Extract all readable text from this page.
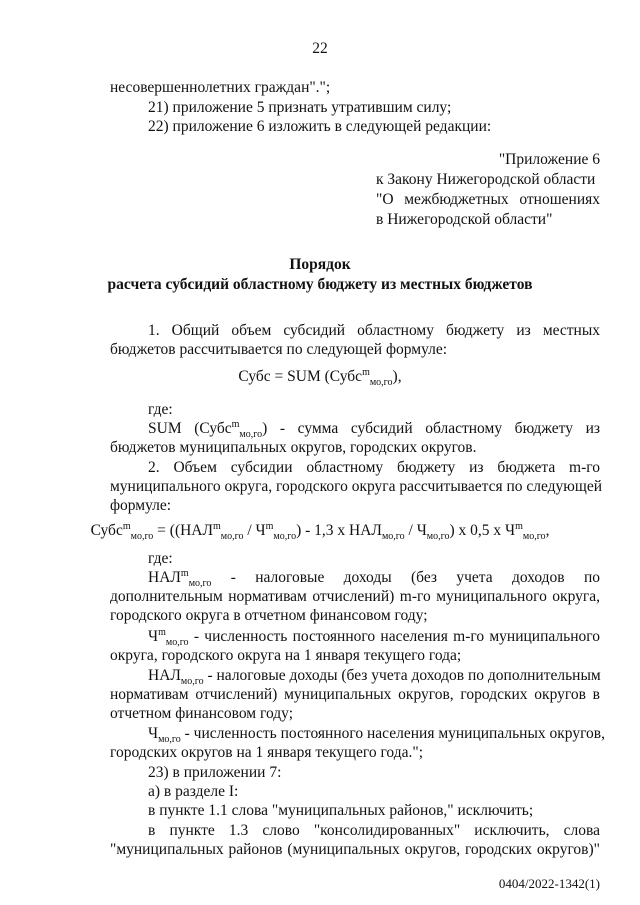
22
несовершеннолетних граждан".";
21) приложение 5 признать утратившим силу;
22) приложение 6 изложить в следующей редакции:
"Приложение 6
к Закону Нижегородской области
"О межбюджетных отношениях
в Нижегородской области"
Порядок
расчета субсидий областному бюджету из местных бюджетов
1. Общий объем субсидий областному бюджету из местных
бюджетов рассчитывается по следующей формуле:
Субс = SUM (Субс$^m_{мо,го}$),
где:
SUM (Субс$^m_{мо,го}$) - сумма субсидий областному бюджету из
бюджетов муниципальных округов, городских округов.
2. Объем субсидии областному бюджету из бюджета m-го
муниципального округа, городского округа рассчитывается по следующей
формуле:
Субс$^m_{мо,го}$ = ($(НАЛ^m_{мо,го} / Ч^m_{мо,го}) - 1,3$ х $НАЛ_{мо,го} / Ч_{мо,го}$) х 0,5 х $Ч^m_{мо,го}$,
где:
$НАЛ^m_{мо,го}$ - налоговые доходы (без учета доходов по
дополнительным нормативам отчислений) m-го муниципального округа,
городского округа в отчетном финансовом году;
$Ч^m_{мо,го}$ - численность постоянного населения m-го муниципального
округа, городского округа на 1 января текущего года;
$НАЛ_{мо,го}$ - налоговые доходы (без учета доходов по дополнительным
нормативам отчислений) муниципальных округов, городских округов в
отчетном финансовом году;
$Ч_{мо,го}$ - численность постоянного населения муниципальных округов,
городских округов на 1 января текущего года.";
23) в приложении 7:
а) в разделе I:
в пункте 1.1 слова "муниципальных районов," исключить;
в пункте 1.3 слово "консолидированных" исключить, слова
"муниципальных районов (муниципальных округов, городских округов)"
0404/2022-1342(1)
